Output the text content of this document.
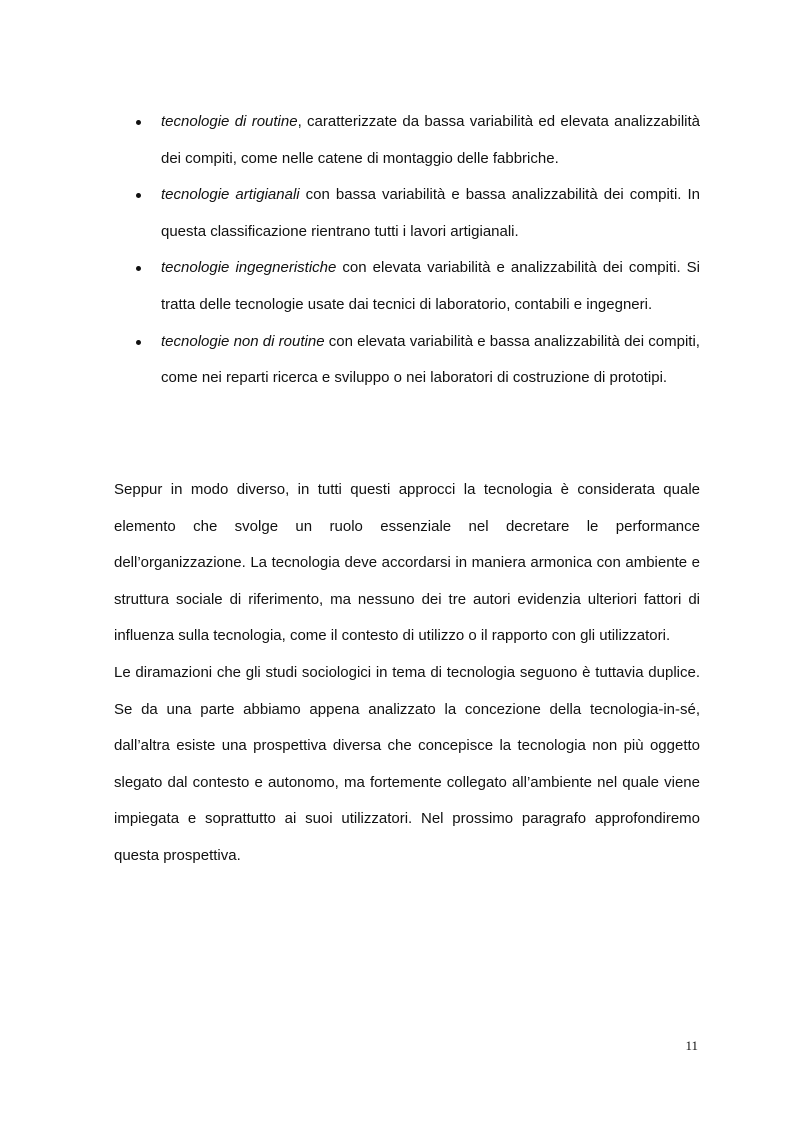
tecnologie di routine, caratterizzate da bassa variabilità ed elevata analizzabilità dei compiti, come nelle catene di montaggio delle fabbriche.
tecnologie artigianali con bassa variabilità e bassa analizzabilità dei compiti. In questa classificazione rientrano tutti i lavori artigianali.
tecnologie ingegneristiche con elevata variabilità e analizzabilità dei compiti. Si tratta delle tecnologie usate dai tecnici di laboratorio, contabili e ingegneri.
tecnologie non di routine con elevata variabilità e bassa analizzabilità dei compiti, come nei reparti ricerca e sviluppo o nei laboratori di costruzione di prototipi.

Seppur in modo diverso, in tutti questi approcci la tecnologia è considerata quale elemento che svolge un ruolo essenziale nel decretare le performance dell’organizzazione. La tecnologia deve accordarsi in maniera armonica con ambiente e struttura sociale di riferimento, ma nessuno dei tre autori evidenzia ulteriori fattori di influenza sulla tecnologia, come il contesto di utilizzo o il rapporto con gli utilizzatori.

Le diramazioni che gli studi sociologici in tema di tecnologia seguono è tuttavia duplice. Se da una parte abbiamo appena analizzato la concezione della tecnologia-in-sé, dall’altra esiste una prospettiva diversa che concepisce la tecnologia non più oggetto slegato dal contesto e autonomo, ma fortemente collegato all’ambiente nel quale viene impiegata e soprattutto ai suoi utilizzatori. Nel prossimo paragrafo approfondiremo questa prospettiva.

11
